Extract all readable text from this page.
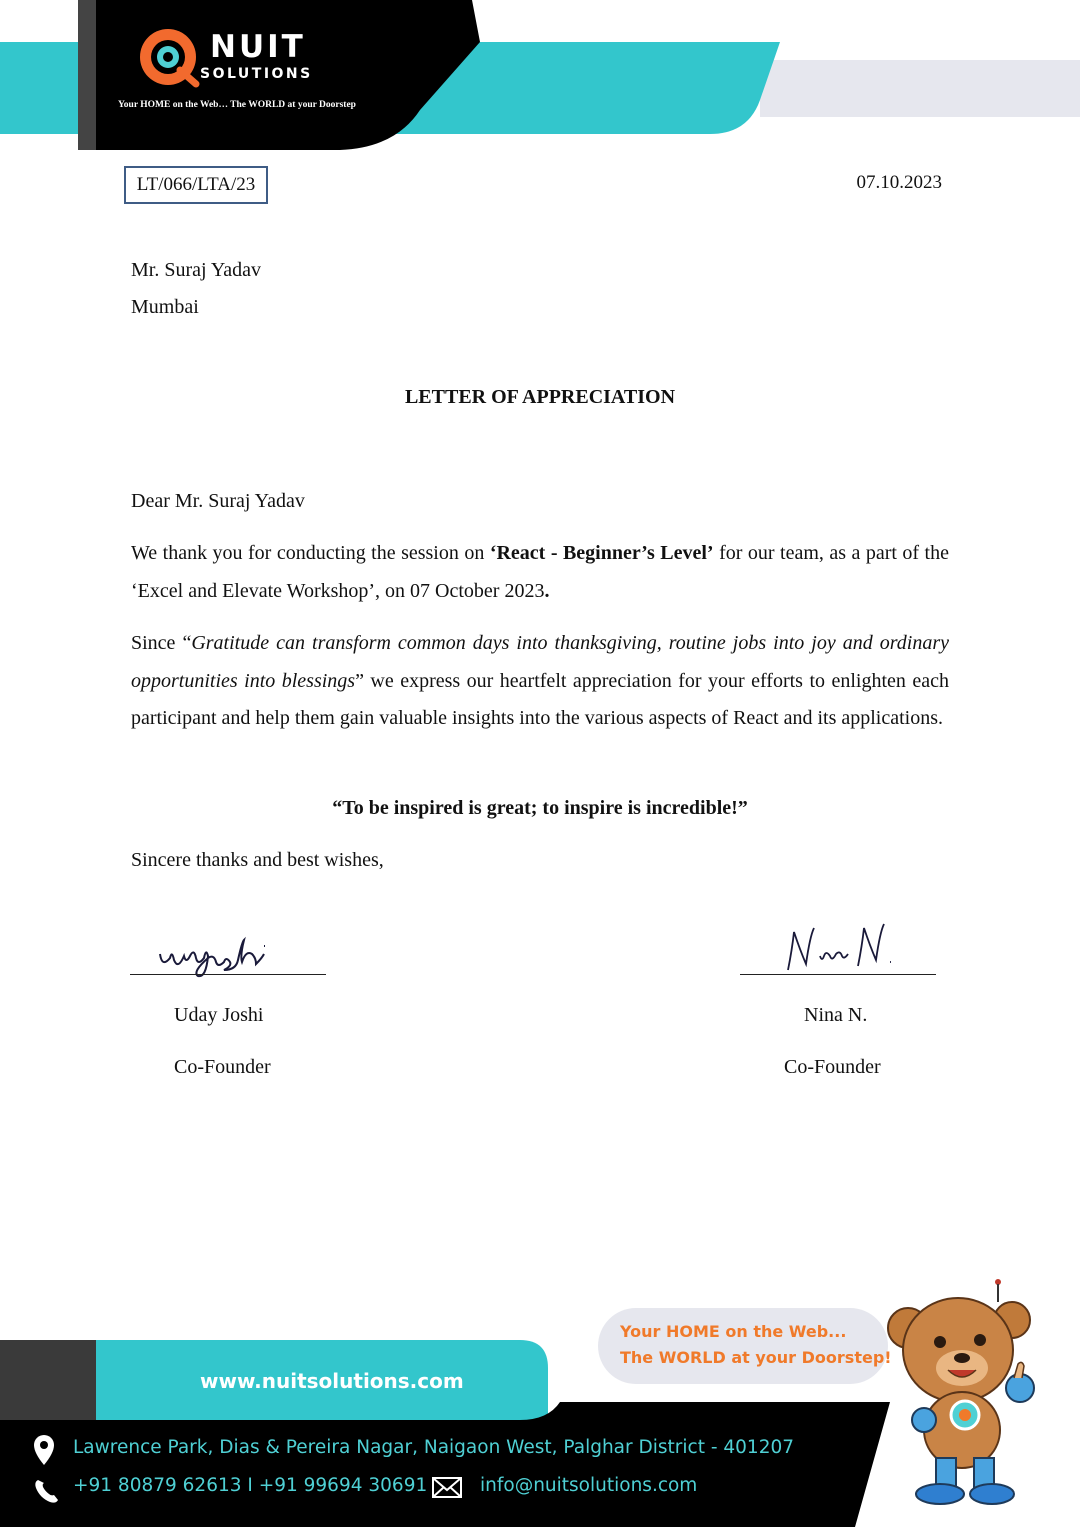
NUIT
SOLUTIONS
Your HOME on the Web… The WORLD at your Doorstep
LT/066/LTA/23	07.10.2023
Mr. Suraj Yadav
Mumbai
LETTER OF APPRECIATION
Dear Mr. Suraj Yadav
We thank you for conducting the session on ‘React - Beginner’s Level’ for our team, as a part of the ‘Excel and Elevate Workshop’, on 07 October 2023.
Since “Gratitude can transform common days into thanksgiving, routine jobs into joy and ordinary opportunities into blessings” we express our heartfelt appreciation for your efforts to enlighten each participant and help them gain valuable insights into the various aspects of React and its applications.
“To be inspired is great; to inspire is incredible!”
Sincere thanks and best wishes,
Uday Joshi
Co-Founder
Nina N.
Co-Founder
www.nuitsolutions.com
Lawrence Park, Dias & Pereira Nagar, Naigaon West, Palghar District - 401207
+91 80879 62613 I +91 99694 30691	info@nuitsolutions.com
Your HOME on the Web...
The WORLD at your Doorstep!
